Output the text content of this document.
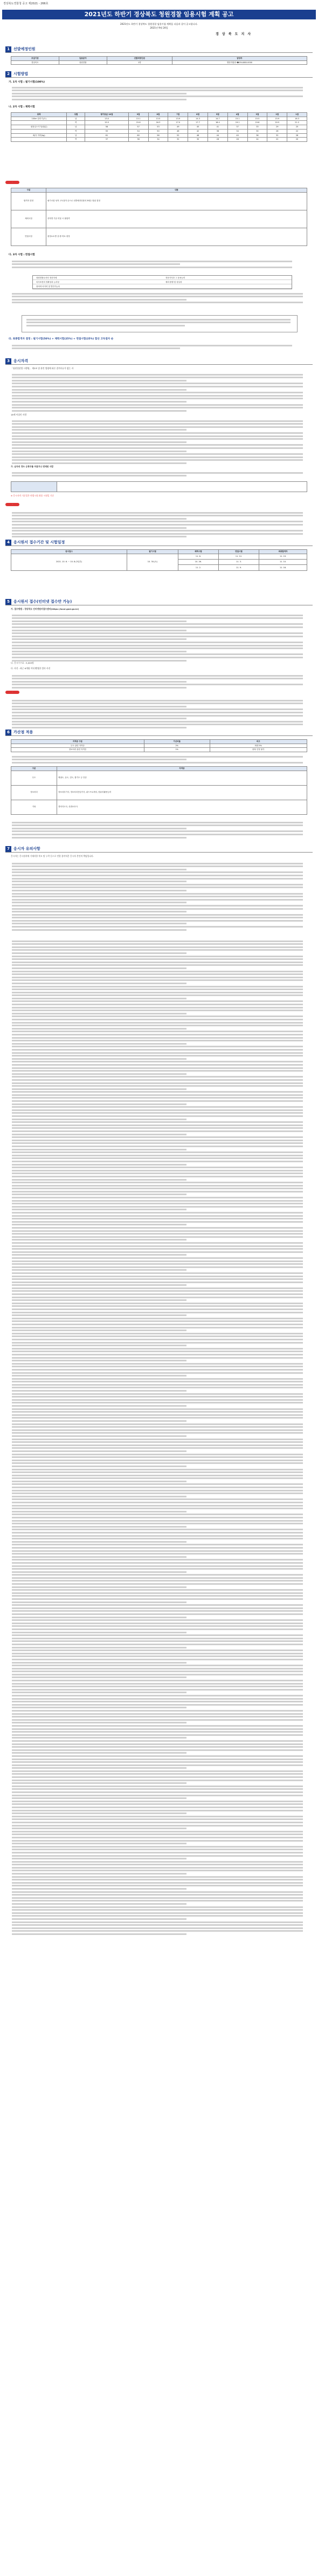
경상북도경찰청 공고 제2021 - 266호
2021년도 하반기 경상북도 청원경찰 임용시험 계획 공고
2021년도 하반기 경상북도 청원경찰 임용시험 계획을 다음과 같이 공고합니다.
2021년 9월 24일
경 상 북 도 지 사
1 선발예정인원
모집기관	임용분야	선발예정인원	담당자
경상북도	청원경찰	1명	행정지원과 ☎054-880-0000
2 시험방법
가. 1차 시험 : 필기시험(100%)
나. 2차 시험 : 체력시험
종목	성별	평가등급 10점	9점	8점	7점	6점	5점	4점	3점	2점	1점
100m 달리기(초)	남	13.0	13.1	13.5	13.9	14.3	14.7	15.1	15.5	15.9	16.3
	여	15.5	15.6	16.3	17.0	17.7	18.4	19.1	19.8	20.5	21.2
윗몸일으키기(회/분)	남	58	57	53	49	45	41	37	33	29	25
	여	55	54	50	46	42	38	34	30	26	22
좌/우 악력(kg)	남	61	60	56	52	48	44	40	36	32	28
	여	37	36	34	32	30	28	26	24	22	20
·
구분	내용
합격자 결정	필기시험 성적 고득점자 순으로 선발예정인원의 3배수 범위 결정
체력시험	종목별 기준 미달 시 불합격
면접시험	평정요소별 상·중·하로 평정
다. 3차 시험 : 면접시험
청원경찰로서의 정신자세	전문지식과 그 응용능력
의사표현의 정확성과 논리성	예의·품행 및 성실성
창의력·의지력 및 발전가능성
라. 최종합격자 결정 : 필기시험(50%) + 체력시험(25%) + 면접시험(25%) 합산 고득점자 순
3 응시자격
「청원경찰법 시행령」 제3조 및 관련 법령에 따른 결격사유가 없는 자
18세 이상인 사람
가. 남자의 경우 군복무를 마쳤거나 면제된 사람

※ 응시자격 기준일은 면접시험 최종 시험일 기준
·
4 응시원서 접수기간 및 시험일정
원서접수	필기시험	체력시험	면접시험	최종합격자
2021. 10. 6. ~ 10. 8.(3일간)	10. 30.(토)	11. 6.	11. 12.	11. 19.
		10. 26.	11. 3.	11. 10.
		11. 2.	11. 9.	11. 16.
5 응시원서 접수(인터넷 접수만 가능)
가. 접수방법 : 경상북도 인터넷원서접수센터(https://local.gosi.go.kr)
나. 응시수수료 : 5,000원
다. 사진 : 최근 6개월 이내 촬영한 컬러 사진
·
6 가산점 적용
자격증 구분	가산비율	비고
무도 관련 자격증	2%	최대 5%
정보처리 관련 자격증	1%	중복 인정 불가
구분	자격증
무도	태권도, 유도, 검도, 합기도 등 단증
정보처리	정보처리기사, 정보처리산업기사, 워드프로세서, 컴퓨터활용능력
기타	경비지도사, 신변보호사
7 응시자 유의사항
응시자는 응시원서에 기재사항 착오 및 누락 등으로 인한 불이익은 응시자 본인의 책임입니다.
